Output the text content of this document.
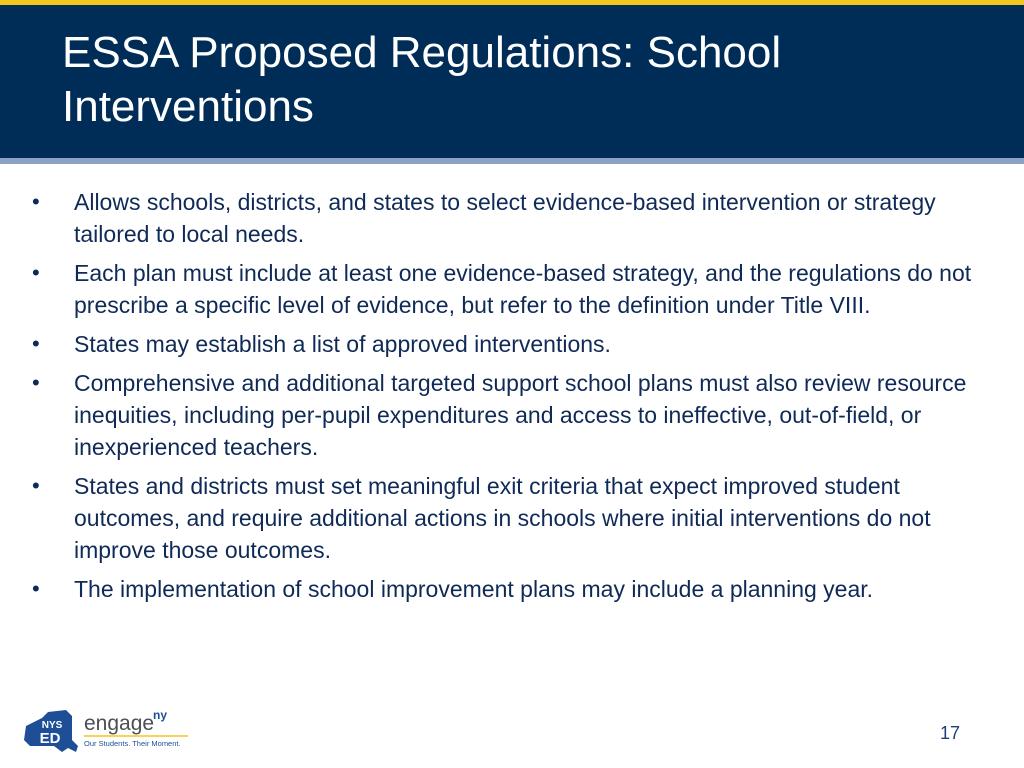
ESSA Proposed Regulations: School Interventions
• Allows schools, districts, and states to select evidence-based intervention or strategy tailored to local needs.
• Each plan must include at least one evidence-based strategy, and the regulations do not prescribe a specific level of evidence, but refer to the definition under Title VIII.
• States may establish a list of approved interventions.
• Comprehensive and additional targeted support school plans must also review resource inequities, including per-pupil expenditures and access to ineffective, out-of-field, or inexperienced teachers.
• States and districts must set meaningful exit criteria that expect improved student outcomes, and require additional actions in schools where initial interventions do not improve those outcomes.
• The implementation of school improvement plans may include a planning year.
NYS
ED
.gov
engage
ny
Our Students. Their Moment.
17
